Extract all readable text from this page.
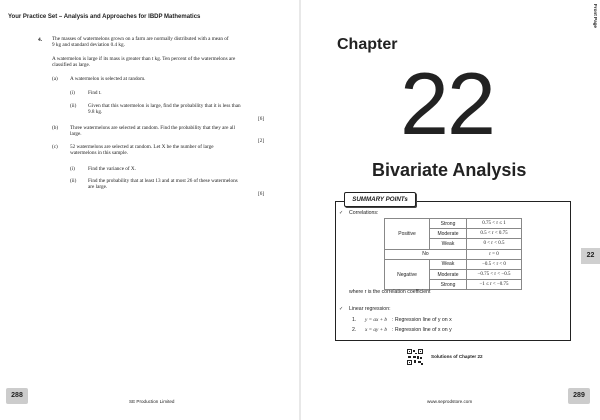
Your Practice Set – Analysis and Approaches for IBDP Mathematics
4. The masses of watermelons grown on a farm are normally distributed with a mean of
9 kg and standard deviation 0.4 kg.
A watermelon is large if its mass is greater than t kg. Ten percent of the watermelons are
classified as large.
(a) A watermelon is selected at random.
(i)	Find t.
(ii) Given that this watermelon is large, find the probability that it is less than
9.8 kg.
[6]
(b) Three watermelons are selected at random. Find the probability that they are all
large.
[2]
(c) 52 watermelons are selected at random. Let X be the number of large
watermelons in this sample.
(i)	Find the variance of X.
(ii) Find the probability that at least 13 and at most 26 of these watermelons
are large.
[6]
288
SE Production Limited
Front Page
Chapter
22
Bivariate Analysis
22
SUMMARY POINTs
✓ Correlations:
Positive	Strong	0.75 < r ≤ 1
	Moderate	0.5 < r < 0.75
	Weak	0 < r < 0.5
No		r = 0
Negative	Weak	−0.5 < r < 0
	Moderate	−0.75 < r < −0.5
	Strong	−1 ≤ r < −0.75
where r is the correlation coefficient
✓ Linear regression:
1. y = ax + b : Regression line of y on x
2. x = ay + b : Regression line of x on y
Solutions of Chapter 22
289
www.seprodstore.com
